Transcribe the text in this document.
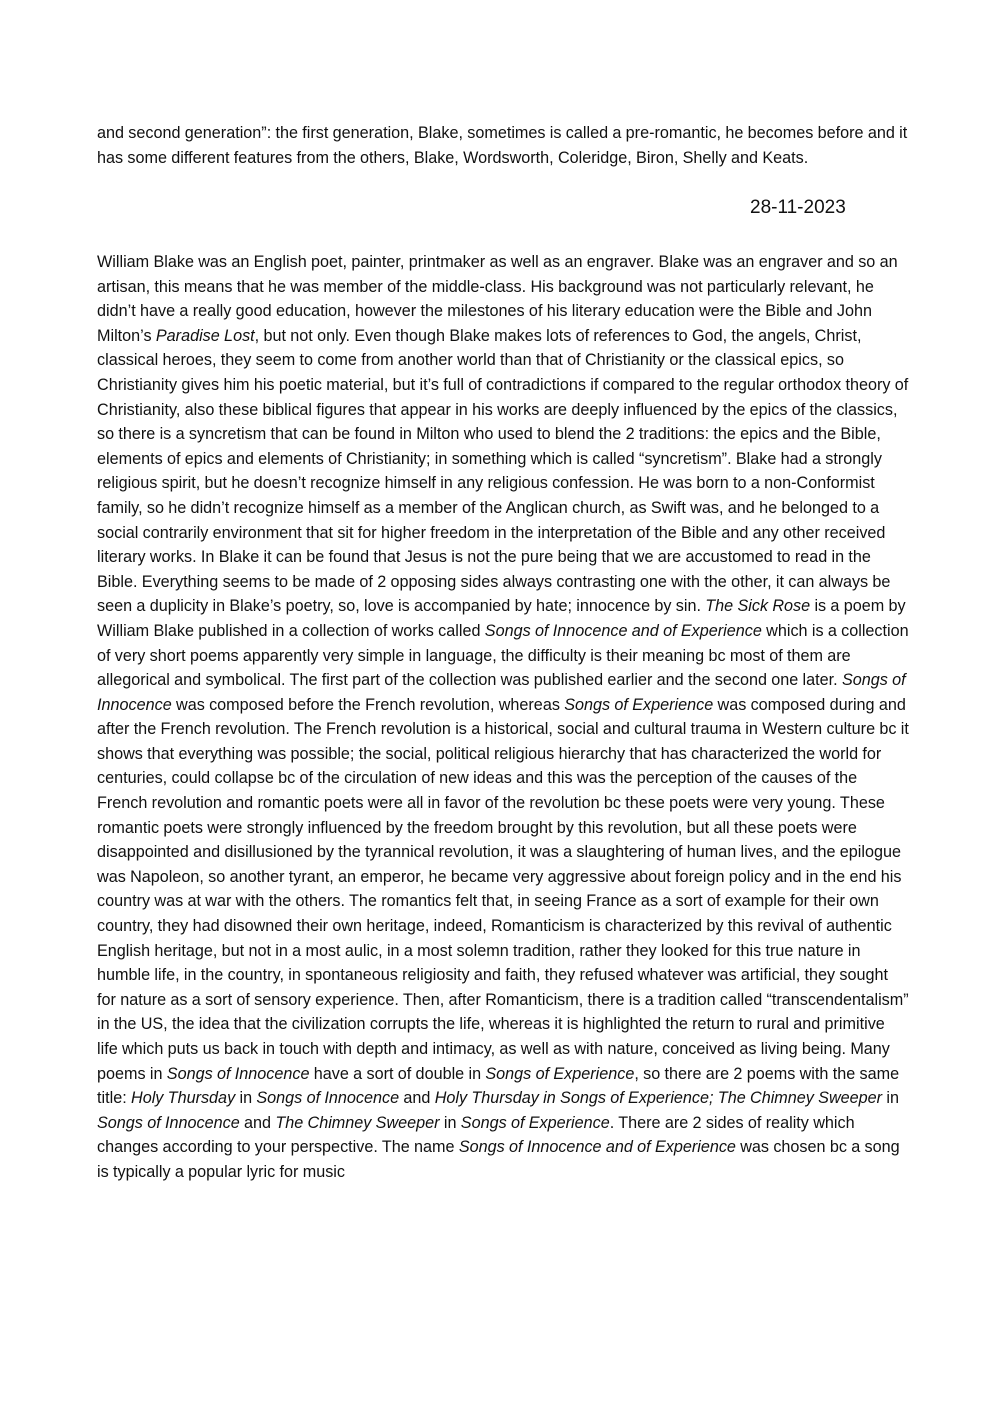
and second generation”: the first generation, Blake, sometimes is called a pre-romantic, he becomes before and it has some different features from the others, Blake, Wordsworth, Coleridge, Biron, Shelly and Keats.
28-11-2023
William Blake was an English poet, painter, printmaker as well as an engraver. Blake was an engraver and so an artisan, this means that he was member of the middle-class. His background was not particularly relevant, he didn’t have a really good education, however the milestones of his literary education were the Bible and John Milton’s Paradise Lost, but not only. Even though Blake makes lots of references to God, the angels, Christ, classical heroes, they seem to come from another world than that of Christianity or the classical epics, so Christianity gives him his poetic material, but it’s full of contradictions if compared to the regular orthodox theory of Christianity, also these biblical figures that appear in his works are deeply influenced by the epics of the classics, so there is a syncretism that can be found in Milton who used to blend the 2 traditions: the epics and the Bible, elements of epics and elements of Christianity; in something which is called “syncretism”. Blake had a strongly religious spirit, but he doesn’t recognize himself in any religious confession. He was born to a non-Conformist family, so he didn’t recognize himself as a member of the Anglican church, as Swift was, and he belonged to a social contrarily environment that sit for higher freedom in the interpretation of the Bible and any other received literary works. In Blake it can be found that Jesus is not the pure being that we are accustomed to read in the Bible. Everything seems to be made of 2 opposing sides always contrasting one with the other, it can always be seen a duplicity in Blake’s poetry, so, love is accompanied by hate; innocence by sin. The Sick Rose is a poem by William Blake published in a collection of works called Songs of Innocence and of Experience which is a collection of very short poems apparently very simple in language, the difficulty is their meaning bc most of them are allegorical and symbolical. The first part of the collection was published earlier and the second one later. Songs of Innocence was composed before the French revolution, whereas Songs of Experience was composed during and after the French revolution. The French revolution is a historical, social and cultural trauma in Western culture bc it shows that everything was possible; the social, political religious hierarchy that has characterized the world for centuries, could collapse bc of the circulation of new ideas and this was the perception of the causes of the French revolution and romantic poets were all in favor of the revolution bc these poets were very young. These romantic poets were strongly influenced by the freedom brought by this revolution, but all these poets were disappointed and disillusioned by the tyrannical revolution, it was a slaughtering of human lives, and the epilogue was Napoleon, so another tyrant, an emperor, he became very aggressive about foreign policy and in the end his country was at war with the others. The romantics felt that, in seeing France as a sort of example for their own country, they had disowned their own heritage, indeed, Romanticism is characterized by this revival of authentic English heritage, but not in a most aulic, in a most solemn tradition, rather they looked for this true nature in humble life, in the country, in spontaneous religiosity and faith, they refused whatever was artificial, they sought for nature as a sort of sensory experience. Then, after Romanticism, there is a tradition called “transcendentalism” in the US, the idea that the civilization corrupts the life, whereas it is highlighted the return to rural and primitive life which puts us back in touch with depth and intimacy, as well as with nature, conceived as living being. Many poems in Songs of Innocence have a sort of double in Songs of Experience, so there are 2 poems with the same title: Holy Thursday in Songs of Innocence and Holy Thursday in Songs of Experience; The Chimney Sweeper in Songs of Innocence and The Chimney Sweeper in Songs of Experience. There are 2 sides of reality which changes according to your perspective. The name Songs of Innocence and of Experience was chosen bc a song is typically a popular lyric for music
